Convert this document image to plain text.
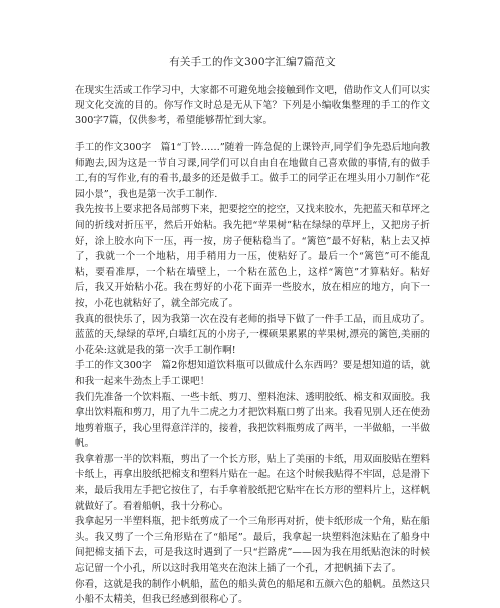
有关手工的作文300字汇编7篇范文
在现实生活或工作学习中，大家都不可避免地会接触到作文吧，借助作文人们可以实现文化交流的目的。你写作文时总是无从下笔？下列是小编收集整理的手工的作文300字7篇，仅供参考，希望能够帮忙到大家。

手工的作文300字　篇1“丁铃……”随着一阵急促的上课铃声,同学们争先恐后地向教师跑去,因为这是一节自习课,同学们可以自由自在地做自己喜欢做的事情,有的做手工,有的写作业,有的看书,最多的还是做手工。做手工的同学正在埋头用小刀制作“花园小景”，我也是第一次手工制作.

我先按书上要求把各局部剪下来，把要挖空的挖空，又找来胶水，先把蓝天和草坪之间的折线对折压平，然后开始粘。我先把“苹果树”粘在绿绿的草坪上，又把房子折好，涂上胶水向下一压，再一按，房子便粘稳当了。“篱笆”最不好粘，粘上去又掉了，我就一个一个地粘，用手稍用力一压，使粘好了。最后一个“篱笆”可不能乱粘，要看准厚，一个粘在墙壁上，一个粘在蓝色上，这样“篱笆”才算粘好。粘好后，我又开始粘小花。我在剪好的小花下面弄一些胶水，放在相应的地方，向下一按，小花也就粘好了，就全部完成了。

我真的很快乐了，因为我第一次在没有老师的指导下做了一件手工品，而且成功了。蓝蓝的天,绿绿的草坪,白墙红瓦的小房子,一棵硕果累累的苹果树,漂亮的篱笆,美丽的小花朵:这就是我的第一次手工制作啊!

手工的作文300字　篇2你想知道饮料瓶可以做成什么东西吗？要是想知道的话，就和我一起来牛劲杰上手工课吧！

我们先准备一个饮料瓶、一些卡纸、剪刀、塑料泡沫、透明胶纸、棉支和双面胶。我拿出饮料瓶和剪刀，用了九牛二虎之力才把饮料瓶口剪了出来。我看见别人还在使劲地剪着瓶子，我心里得意洋洋的，接着，我把饮料瓶剪成了两半，一半做船，一半做帆。

我拿着那一半的饮料瓶，剪出了一个长方形，贴上了美丽的卡纸，用双面胶贴在塑料卡纸上，再拿出胶纸把棉支和塑料片贴在一起。在这个时候我贴得不牢固，总是滑下来，最后我用左手把它按住了，右手拿着胶纸把它贴牢在长方形的塑料片上，这样帆就做好了。看着船帆，我十分称心。

我拿起另一半塑料瓶，把卡纸剪成了一个三角形再对折，使卡纸形成一个角，贴在船头。我又剪了一个三角形贴在了“船尾”。最后，我拿起一块塑料泡沫贴在了船身中间把棉支插下去，可是我这时遇到了一只“拦路虎”——因为我在用纸贴泡沫的时候忘记留一个小孔，所以这时我用笔夹在泡沫上插了一个孔，才把帆插下去了。

你看，这就是我的制作小帆船，蓝色的船头黄色的船尾和五颜六色的船帆。虽然这只小船不太精美，但我已经感到很称心了。
